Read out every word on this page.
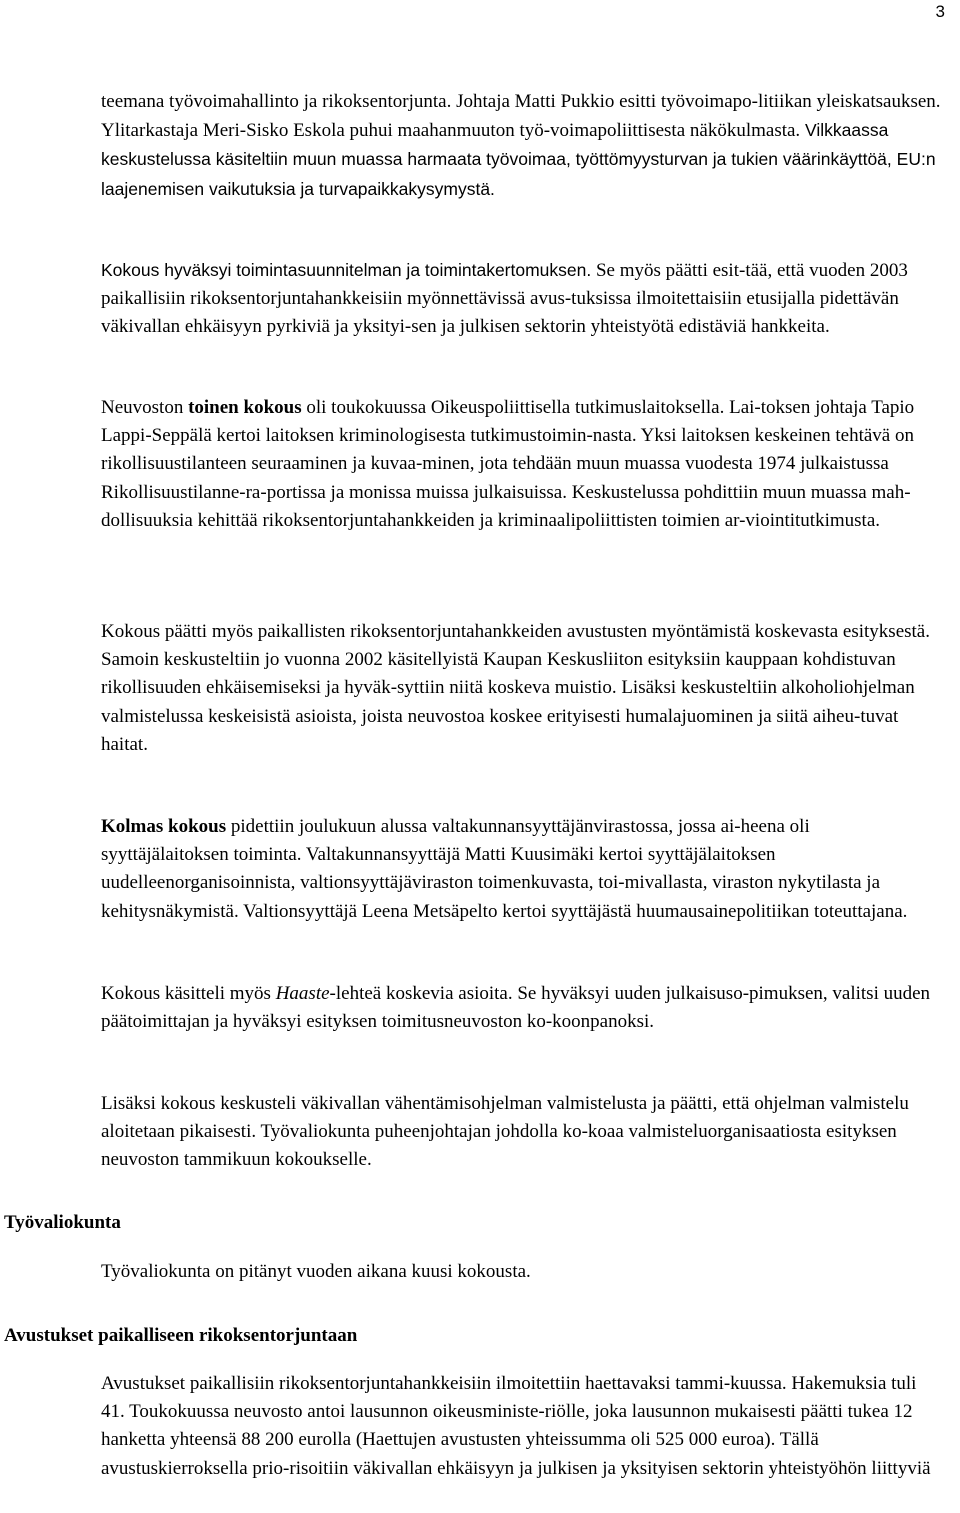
3

teemana työvoimahallinto ja rikoksentorjunta. Johtaja Matti Pukkio esitti työvoimapo-litiikan yleiskatsauksen. Ylitarkastaja Meri-Sisko Eskola puhui maahanmuuton työ-voimapoliittisesta näkökulmasta. Vilkkaassa keskustelussa käsiteltiin muun muassa harmaata työvoimaa, työttömyysturvan ja tukien väärinkäyttöä, EU:n laajenemisen vaikutuksia ja turvapaikkakysymystä.

Kokous hyväksyi toimintasuunnitelman ja toimintakertomuksen. Se myös päätti esit-tää, että vuoden 2003 paikallisiin rikoksentorjuntahankkeisiin myönnettävissä avus-tuksissa ilmoitettaisiin etusijalla pidettävän väkivallan ehkäisyyn pyrkiviä ja yksityi-sen ja julkisen sektorin yhteistyötä edistäviä hankkeita.

Neuvoston toinen kokous oli toukokuussa Oikeuspoliittisella tutkimuslaitoksella. Lai-toksen johtaja Tapio Lappi-Seppälä kertoi laitoksen kriminologisesta tutkimustoimin-nasta. Yksi laitoksen keskeinen tehtävä on rikollisuustilanteen seuraaminen ja kuvaa-minen, jota tehdään muun muassa vuodesta 1974 julkaistussa Rikollisuustilanne-ra-portissa ja monissa muissa julkaisuissa. Keskustelussa pohdittiin muun muassa mah-dollisuuksia kehittää rikoksentorjuntahankkeiden ja kriminaalipoliittisten toimien ar-viointitutkimusta.

Kokous päätti myös paikallisten rikoksentorjuntahankkeiden avustusten myöntämistä koskevasta esityksestä. Samoin keskusteltiin jo vuonna 2002 käsitellyistä Kaupan Keskusliiton esityksiin kauppaan kohdistuvan rikollisuuden ehkäisemiseksi ja hyväk-syttiin niitä koskeva muistio. Lisäksi keskusteltiin alkoholiohjelman valmistelussa keskeisistä asioista, joista neuvostoa koskee erityisesti humalajuominen ja siitä aiheu-tuvat haitat.

Kolmas kokous pidettiin joulukuun alussa valtakunnansyyttäjänvirastossa, jossa ai-heena oli syyttäjälaitoksen toiminta. Valtakunnansyyttäjä Matti Kuusimäki kertoi syyttäjälaitoksen uudelleenorganisoinnista, valtionsyyttäjäviraston toimenkuvasta, toi-mivallasta, viraston nykytilasta ja kehitysnäkymistä. Valtionsyyttäjä Leena Metsäpelto kertoi syyttäjästä huumausainepolitiikan toteuttajana.

Kokous käsitteli myös Haaste-lehteä koskevia asioita. Se hyväksyi uuden julkaisuso-pimuksen, valitsi uuden päätoimittajan ja hyväksyi esityksen toimitusneuvoston ko-koonpanoksi.

Lisäksi kokous keskusteli väkivallan vähentämisohjelman valmistelusta ja päätti, että ohjelman valmistelu aloitetaan pikaisesti. Työvaliokunta puheenjohtajan johdolla ko-koaa valmisteluorganisaatiosta esityksen neuvoston tammikuun kokoukselle.

Työvaliokunta

Työvaliokunta on pitänyt vuoden aikana kuusi kokousta.

Avustukset paikalliseen rikoksentorjuntaan

Avustukset paikallisiin rikoksentorjuntahankkeisiin ilmoitettiin haettavaksi tammi-kuussa. Hakemuksia tuli 41. Toukokuussa neuvosto antoi lausunnon oikeusministe-riölle, joka lausunnon mukaisesti päätti tukea 12 hanketta yhteensä 88 200 eurolla (Haettujen avustusten yhteissumma oli 525 000 euroa). Tällä avustuskierroksella prio-risoitiin väkivallan ehkäisyyn ja julkisen ja yksityisen sektorin yhteistyöhön liittyviä
